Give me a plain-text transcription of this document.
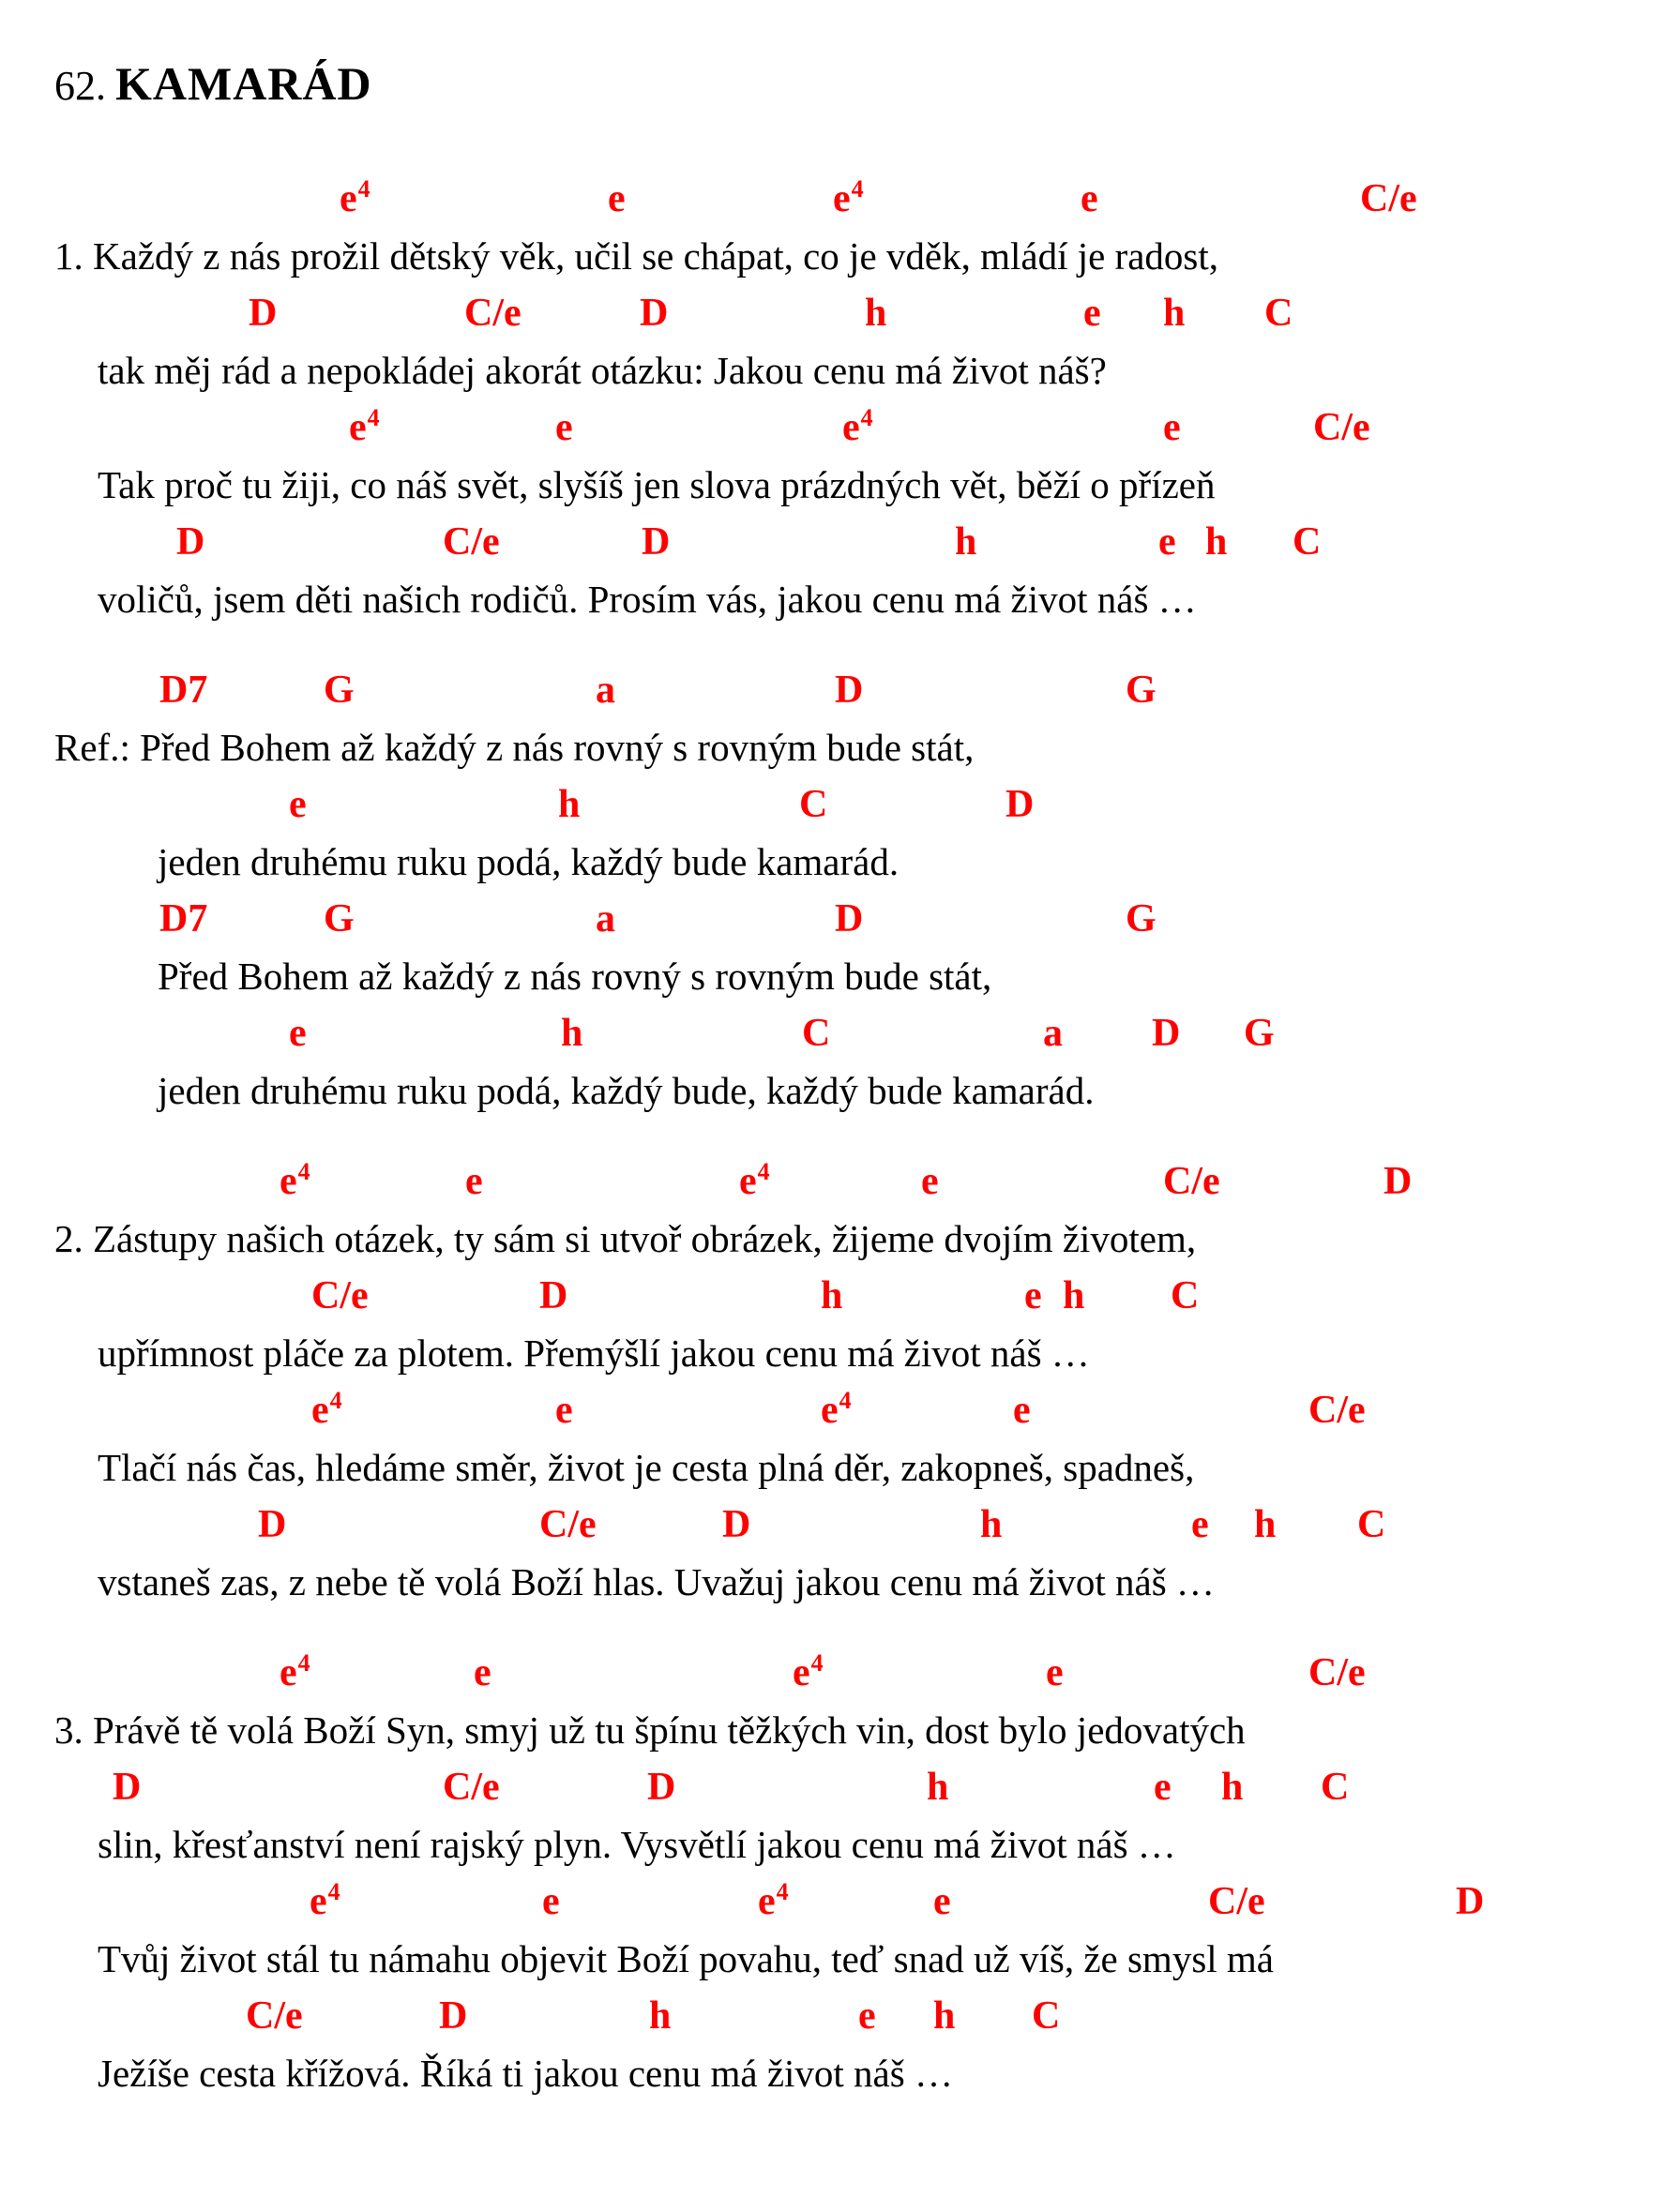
62. KAMARÁD
$e^4$	e	$e^4$	e	C/e
1. Každý z nás prožil dětský věk, učil se chápat, co je vděk, mládí je radost,
D	C/e	D	h	e h C
tak měj rád a nepokládej akorát otázku: Jakou cenu má život náš?
$e^4$	e	$e^4$	e	C/e
Tak proč tu žiji, co náš svět, slyšíš jen slova prázdných vět, běží o přízeň
D	C/e	D	h	e h C
voličů, jsem děti našich rodičů. Prosím vás, jakou cenu má život náš …
D7	G	a	D	G
Ref.: Před Bohem až každý z nás rovný s rovným bude stát,
e	h	C	D
jeden druhému ruku podá, každý bude kamarád.
D7	G	a	D	G
Před Bohem až každý z nás rovný s rovným bude stát,
e	h	C	a D G
jeden druhému ruku podá, každý bude, každý bude kamarád.
$e^4$	e	$e^4$	e	C/e	D
2. Zástupy našich otázek, ty sám si utvoř obrázek, žijeme dvojím životem,
C/e	D	h	e h C
upřímnost pláče za plotem. Přemýšlí jakou cenu má život náš …
$e^4$	e	$e^4$	e	C/e
Tlačí nás čas, hledáme směr, život je cesta plná děr, zakopneš, spadneš,
D	C/e	D	h	e h C
vstaneš zas, z nebe tě volá Boží hlas. Uvažuj jakou cenu má život náš …
$e^4$	e	$e^4$	e	C/e
3. Právě tě volá Boží Syn, smyj už tu špínu těžkých vin, dost bylo jedovatých
D	C/e	D	h	e h C
slin, křesťanství není rajský plyn. Vysvětlí jakou cenu má život náš …
$e^4$	e	$e^4$	e	C/e	D
Tvůj život stál tu námahu objevit Boží povahu, teď snad už víš, že smysl má
C/e	D	h	e h C
Ježíše cesta křížová. Říká ti jakou cenu má život náš …
